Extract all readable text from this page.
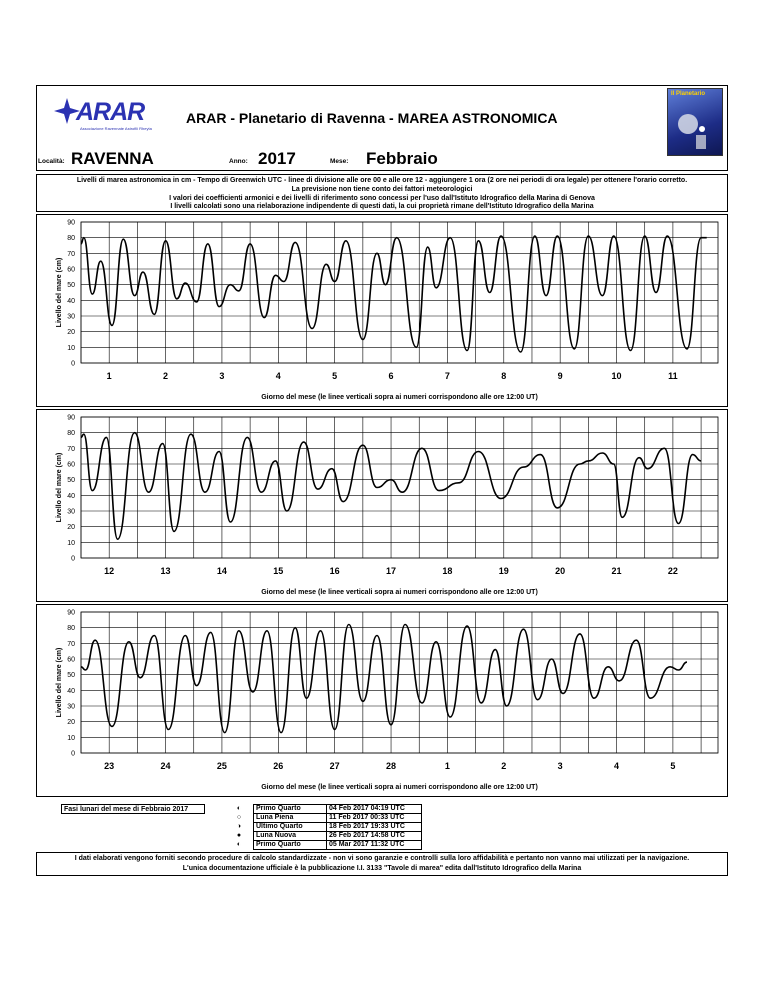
ARAR
Associazione Ravennate Astrofili Rheyta
ARAR - Planetario di Ravenna - MAREA ASTRONOMICA
Il Planetario
Località: RAVENNA	Anno: 2017	Mese: Febbraio
Livelli di marea astronomica in cm - Tempo di Greenwich UTC - linee di divisione alle ore 00 e alle ore 12 - aggiungere 1 ora (2 ore nei periodi di ora legale) per ottenere l'orario corretto.
La previsione non tiene conto dei fattori meteorologici
I valori dei coefficienti armonici e dei livelli di riferimento sono concessi per l'uso dall'Istituto Idrografico della Marina di Genova
I livelli calcolati sono una rielaborazione indipendente di questi dati, la cui proprietà rimane dell'Istituto Idrografico della Marina
0
10
20
30
40
50
60
70
80
90
1	2	3	4	5	6	7	8	9	10	11
Livello del mare (cm)
Giorno del mese (le linee verticali sopra ai numeri corrispondono alle ore 12:00 UT)
0
10
20
30
40
50
60
70
80
90
12	13	14	15	16	17	18	19	20	21	22
Livello del mare (cm)
Giorno del mese (le linee verticali sopra ai numeri corrispondono alle ore 12:00 UT)
0
10
20
30
40
50
60
70
80
90
23	24	25	26	27	28	1	2	3	4	5
Livello del mare (cm)
Giorno del mese (le linee verticali sopra ai numeri corrispondono alle ore 12:00 UT)
Fasi lunari del mese di Febbraio 2017	◐	Primo Quarto	04 Feb 2017 04:19 UTC
○	Luna Piena	11 Feb 2017 00:33 UTC
◑	Ultimo Quarto	18 Feb 2017 19:33 UTC
●	Luna Nuova	26 Feb 2017 14:58 UTC
◐	Primo Quarto	05 Mar 2017 11:32 UTC
I dati elaborati vengono forniti secondo procedure di calcolo standardizzate - non vi sono garanzie e controlli sulla loro affidabilità e pertanto non vanno mai utilizzati per la navigazione.
L'unica documentazione ufficiale è la pubblicazione I.I. 3133 "Tavole di marea" edita dall'Istituto Idrografico della Marina
